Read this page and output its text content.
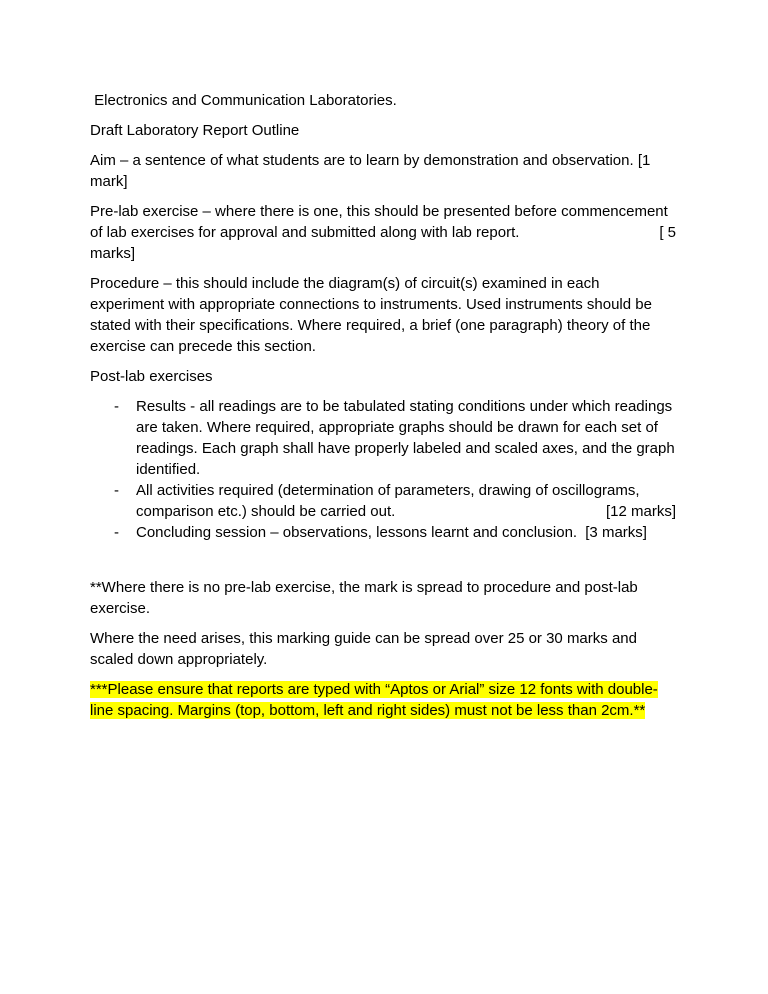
Electronics and Communication Laboratories.

Draft Laboratory Report Outline

Aim – a sentence of what students are to learn by demonstration and observation. [1 mark]

Pre-lab exercise – where there is one, this should be presented before commencement of lab exercises for approval and submitted along with lab report.	[ 5

marks]

Procedure – this should include the diagram(s) of circuit(s) examined in each experiment with appropriate connections to instruments. Used instruments should be stated with their specifications. Where required, a brief (one paragraph) theory of the exercise can precede this section.

Post-lab exercises

- Results - all readings are to be tabulated stating conditions under which readings are taken. Where required, appropriate graphs should be drawn for each set of readings. Each graph shall have properly labeled and scaled axes, and the graph identified.
- All activities required (determination of parameters, drawing of oscillograms, comparison etc.) should be carried out.	[12 marks]
- Concluding session – observations, lessons learnt and conclusion. [3 marks]

**Where there is no pre-lab exercise, the mark is spread to procedure and post-lab exercise.

Where the need arises, this marking guide can be spread over 25 or 30 marks and scaled down appropriately.

***Please ensure that reports are typed with “Aptos or Arial” size 12 fonts with double-line spacing. Margins (top, bottom, left and right sides) must not be less than 2cm.**
